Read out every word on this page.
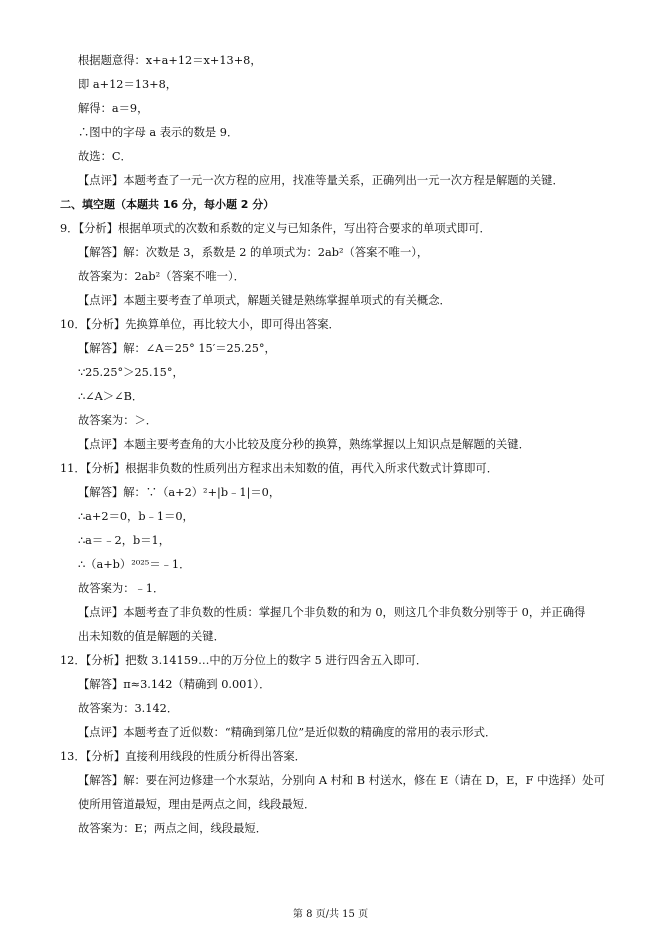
根据题意得：x+a+12＝x+13+8，
即 a+12＝13+8，
解得：a＝9，
∴图中的字母 a 表示的数是 9．
故选：C．
【点评】本题考查了一元一次方程的应用，找准等量关系，正确列出一元一次方程是解题的关键．
二、填空题（本题共 16 分，每小题 2 分）
9．【分析】根据单项式的次数和系数的定义与已知条件，写出符合要求的单项式即可．
【解答】解：次数是 3，系数是 2 的单项式为：2ab²（答案不唯一），
故答案为：2ab²（答案不唯一）．
【点评】本题主要考查了单项式，解题关键是熟练掌握单项式的有关概念．
10．【分析】先换算单位，再比较大小，即可得出答案．
【解答】解：∠A＝25° 15′＝25.25°，
∵25.25°＞25.15°，
∴∠A＞∠B．
故答案为：＞．
【点评】本题主要考查角的大小比较及度分秒的换算，熟练掌握以上知识点是解题的关键．
11．【分析】根据非负数的性质列出方程求出未知数的值，再代入所求代数式计算即可．
【解答】解：∵（a+2）²+|b﹣1|＝0，
∴a+2＝0，b﹣1＝0，
∴a＝﹣2，b＝1，
∴（a+b）²⁰²⁵＝﹣1．
故答案为：﹣1．
【点评】本题考查了非负数的性质：掌握几个非负数的和为 0，则这几个非负数分别等于 0，并正确得
出未知数的值是解题的关键．
12．【分析】把数 3.14159…中的万分位上的数字 5 进行四舍五入即可．
【解答】π≈3.142（精确到 0.001）．
故答案为：3.142．
【点评】本题考查了近似数：“精确到第几位”是近似数的精确度的常用的表示形式．
13．【分析】直接利用线段的性质分析得出答案．
【解答】解：要在河边修建一个水泵站，分别向 A 村和 B 村送水，修在 E（请在 D，E，F 中选择）处可
使所用管道最短，理由是两点之间，线段最短．
故答案为：E；两点之间，线段最短．
第 8 页/共 15 页
